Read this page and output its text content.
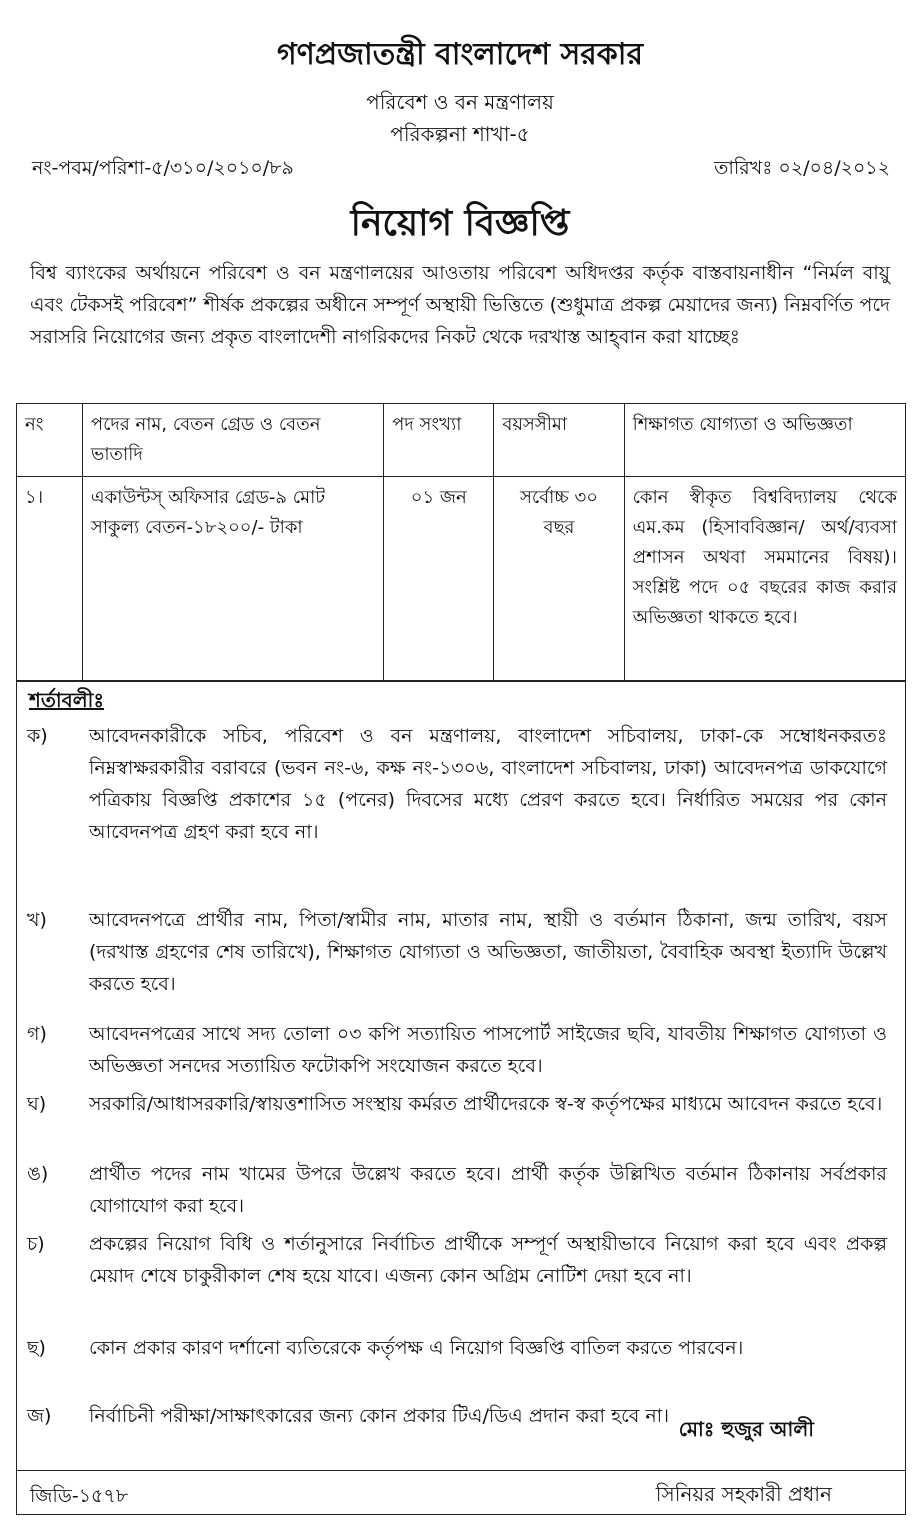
গণপ্রজাতন্ত্রী বাংলাদেশ সরকার
পরিবেশ ও বন মন্ত্রণালয়
পরিকল্পনা শাখা-৫
নং-পবম/পরিশা-৫/৩১০/২০১০/৮৯	তারিখঃ ০২/০৪/২০১২
নিয়োগ বিজ্ঞপ্তি
বিশ্ব ব্যাংকের অর্থায়নে পরিবেশ ও বন মন্ত্রণালয়ের আওতায় পরিবেশ অধিদপ্তর কর্তৃক বাস্তবায়নাধীন “নির্মল বায়ু এবং টেকসই পরিবেশ” শীর্ষক প্রকল্পের অধীনে সম্পূর্ণ অস্থায়ী ভিত্তিতে (শুধুমাত্র প্রকল্প মেয়াদের জন্য) নিম্নবর্ণিত পদে সরাসরি নিয়োগের জন্য প্রকৃত বাংলাদেশী নাগরিকদের নিকট থেকে দরখাস্ত আহ্‌বান করা যাচ্ছেঃ
নং	পদের নাম, বেতন গ্রেড ও বেতন ভাতাদি	পদ সংখ্যা	বয়সসীমা	শিক্ষাগত যোগ্যতা ও অভিজ্ঞতা
১।	একাউন্টস্‌ অফিসার গ্রেড-৯ মোট সাকুল্য বেতন-১৮২০০/- টাকা	০১ জন	সর্বোচ্চ ৩০ বছর	কোন স্বীকৃত বিশ্ববিদ্যালয় থেকে এম.কম (হিসাববিজ্ঞান/ অর্থ/ব্যবসা প্রশাসন অথবা সমমানের বিষয়)। সংশ্লিষ্ট পদে ০৫ বছরের কাজ করার অভিজ্ঞতা থাকতে হবে।
শর্তাবলীঃ
ক)	আবেদনকারীকে সচিব, পরিবেশ ও বন মন্ত্রণালয়, বাংলাদেশ সচিবালয়, ঢাকা-কে সম্বোধনকরতঃ নিম্নস্বাক্ষরকারীর বরাবরে (ভবন নং-৬, কক্ষ নং-১৩০৬, বাংলাদেশ সচিবালয়, ঢাকা) আবেদনপত্র ডাকযোগে পত্রিকায় বিজ্ঞপ্তি প্রকাশের ১৫ (পনের) দিবসের মধ্যে প্রেরণ করতে হবে। নির্ধারিত সময়ের পর কোন আবেদনপত্র গ্রহণ করা হবে না।
খ)	আবেদনপত্রে প্রার্থীর নাম, পিতা/স্বামীর নাম, মাতার নাম, স্থায়ী ও বর্তমান ঠিকানা, জন্ম তারিখ, বয়স (দরখাস্ত গ্রহণের শেষ তারিখে), শিক্ষাগত যোগ্যতা ও অভিজ্ঞতা, জাতীয়তা, বৈবাহিক অবস্থা ইত্যাদি উল্লেখ করতে হবে।
গ)	আবেদনপত্রের সাথে সদ্য তোলা ০৩ কপি সত্যায়িত পাসপোর্ট সাইজের ছবি, যাবতীয় শিক্ষাগত যোগ্যতা ও অভিজ্ঞতা সনদের সত্যায়িত ফটোকপি সংযোজন করতে হবে।
ঘ)	সরকারি/আধাসরকারি/স্বায়ত্তশাসিত সংস্থায় কর্মরত প্রার্থীদেরকে স্ব-স্ব কর্তৃপক্ষের মাধ্যমে আবেদন করতে হবে।
ঙ)	প্রার্থীত পদের নাম খামের উপরে উল্লেখ করতে হবে। প্রার্থী কর্তৃক উল্লিখিত বর্তমান ঠিকানায় সর্বপ্রকার যোগাযোগ করা হবে।
চ)	প্রকল্পের নিয়োগ বিধি ও শর্তানুসারে নির্বাচিত প্রার্থীকে সম্পূর্ণ অস্থায়ীভাবে নিয়োগ করা হবে এবং প্রকল্প মেয়াদ শেষে চাকুরীকাল শেষ হয়ে যাবে। এজন্য কোন অগ্রিম নোটিশ দেয়া হবে না।
ছ)	কোন প্রকার কারণ দর্শানো ব্যতিরেকে কর্তৃপক্ষ এ নিয়োগ বিজ্ঞপ্তি বাতিল করতে পারবেন।
জ)	নির্বাচিনী পরীক্ষা/সাক্ষাৎকারের জন্য কোন প্রকার টিএ/ডিএ প্রদান করা হবে না।
মোঃ হুজুর আলী
জিডি-১৫৭৮	সিনিয়র সহকারী প্রধান
